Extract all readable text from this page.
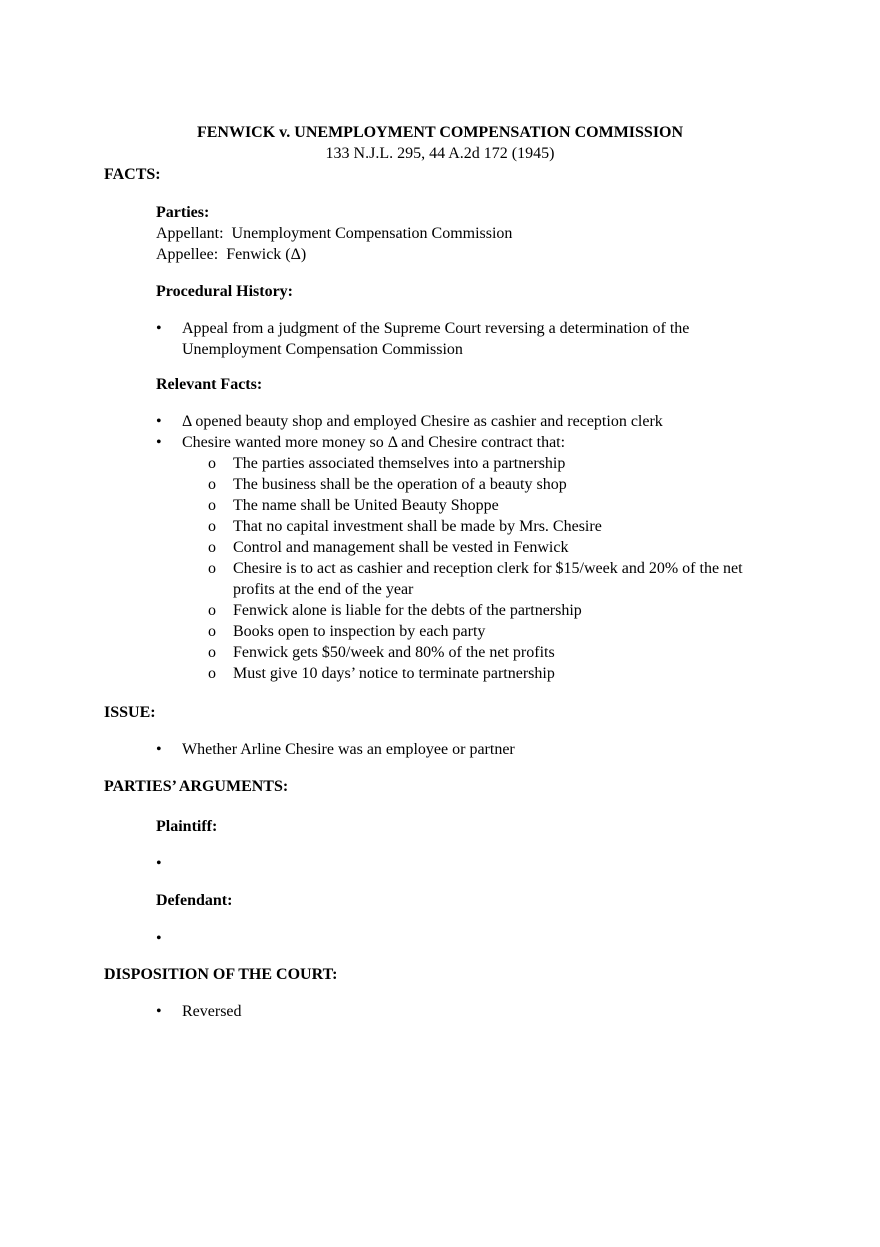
FENWICK v. UNEMPLOYMENT COMPENSATION COMMISSION
133 N.J.L. 295, 44 A.2d 172 (1945)
FACTS:
Parties:
Appellant:  Unemployment Compensation Commission
Appellee:  Fenwick (Δ)
Procedural History:
•	Appeal from a judgment of the Supreme Court reversing a determination of the Unemployment Compensation Commission
Relevant Facts:
•	Δ opened beauty shop and employed Chesire as cashier and reception clerk
•	Chesire wanted more money so Δ and Chesire contract that:
o	The parties associated themselves into a partnership
o	The business shall be the operation of a beauty shop
o	The name shall be United Beauty Shoppe
o	That no capital investment shall be made by Mrs. Chesire
o	Control and management shall be vested in Fenwick
o	Chesire is to act as cashier and reception clerk for $15/week and 20% of the net profits at the end of the year
o	Fenwick alone is liable for the debts of the partnership
o	Books open to inspection by each party
o	Fenwick gets $50/week and 80% of the net profits
o	Must give 10 days’ notice to terminate partnership
ISSUE:
•	Whether Arline Chesire was an employee or partner
PARTIES’ ARGUMENTS:
Plaintiff:
•
Defendant:
•
DISPOSITION OF THE COURT:
•	Reversed
